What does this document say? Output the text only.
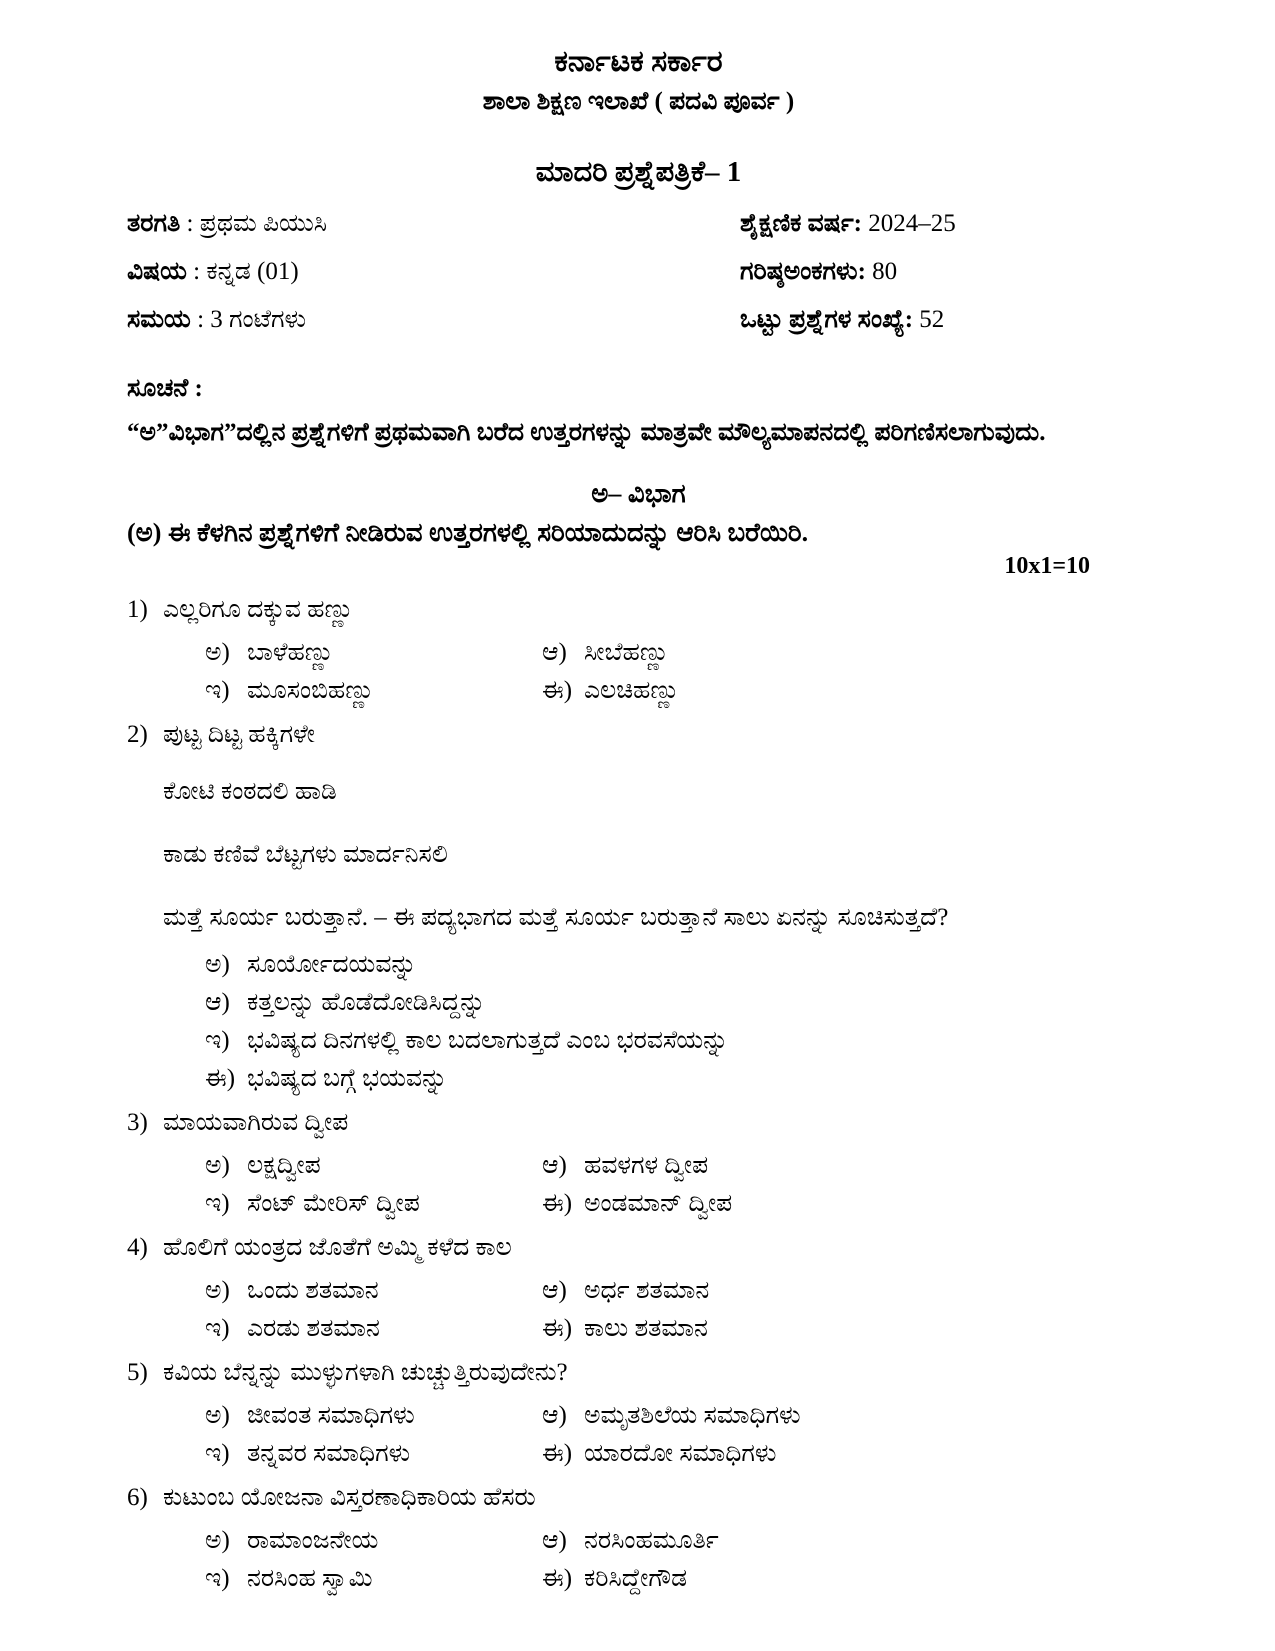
ಕರ್ನಾಟಕ ಸರ್ಕಾರ
ಶಾಲಾ ಶಿಕ್ಷಣ ಇಲಾಖೆ ( ಪದವಿ ಪೂರ್ವ )
ಮಾದರಿ ಪ್ರಶ್ನೆಪತ್ರಿಕೆ– 1
ತರಗತಿ : ಪ್ರಥಮ ಪಿಯುಸಿ	ಶೈಕ್ಷಣಿಕ ವರ್ಷ: 2024–25
ವಿಷಯ : ಕನ್ನಡ (01)	ಗರಿಷ್ಠಅಂಕಗಳು: 80
ಸಮಯ : 3 ಗಂಟೆಗಳು	ಒಟ್ಟು ಪ್ರಶ್ನೆಗಳ ಸಂಖ್ಯೆ: 52
ಸೂಚನೆ :
“ಅ”ವಿಭಾಗ”ದಲ್ಲಿನ ಪ್ರಶ್ನೆಗಳಿಗೆ ಪ್ರಥಮವಾಗಿ ಬರೆದ ಉತ್ತರಗಳನ್ನು ಮಾತ್ರವೇ ಮೌಲ್ಯಮಾಪನದಲ್ಲಿ ಪರಿಗಣಿಸಲಾಗುವುದು.
ಅ– ವಿಭಾಗ
(ಅ) ಈ ಕೆಳಗಿನ ಪ್ರಶ್ನೆಗಳಿಗೆ ನೀಡಿರುವ ಉತ್ತರಗಳಲ್ಲಿ ಸರಿಯಾದುದನ್ನು ಆರಿಸಿ ಬರೆಯಿರಿ.
10x1=10
1) ಎಲ್ಲರಿಗೂ ದಕ್ಕುವ ಹಣ್ಣು
ಅ) ಬಾಳೆಹಣ್ಣು	ಆ) ಸೀಬೆಹಣ್ಣು
ಇ) ಮೂಸಂಬಿಹಣ್ಣು	ಈ) ಎಲಚಿಹಣ್ಣು
2) ಪುಟ್ಟ ದಿಟ್ಟ ಹಕ್ಕಿಗಳೇ
ಕೋಟಿ ಕಂಠದಲಿ ಹಾಡಿ
ಕಾಡು ಕಣಿವೆ ಬೆಟ್ಟಗಳು ಮಾರ್ದನಿಸಲಿ
ಮತ್ತೆ ಸೂರ್ಯ ಬರುತ್ತಾನೆ. – ಈ ಪದ್ಯಭಾಗದ ಮತ್ತೆ ಸೂರ್ಯ ಬರುತ್ತಾನೆ ಸಾಲು ಏನನ್ನು ಸೂಚಿಸುತ್ತದೆ?
ಅ) ಸೂರ್ಯೋದಯವನ್ನು
ಆ) ಕತ್ತಲನ್ನು ಹೊಡೆದೋಡಿಸಿದ್ದನ್ನು
ಇ) ಭವಿಷ್ಯದ ದಿನಗಳಲ್ಲಿ ಕಾಲ ಬದಲಾಗುತ್ತದೆ ಎಂಬ ಭರವಸೆಯನ್ನು
ಈ) ಭವಿಷ್ಯದ ಬಗ್ಗೆ ಭಯವನ್ನು
3) ಮಾಯವಾಗಿರುವ ದ್ವೀಪ
ಅ) ಲಕ್ಷದ್ವೀಪ	ಆ) ಹವಳಗಳ ದ್ವೀಪ
ಇ) ಸೆಂಟ್ ಮೇರಿಸ್ ದ್ವೀಪ	ಈ) ಅಂಡಮಾನ್ ದ್ವೀಪ
4) ಹೊಲಿಗೆ ಯಂತ್ರದ ಜೊತೆಗೆ ಅಮ್ಮಿ ಕಳೆದ ಕಾಲ
ಅ) ಒಂದು ಶತಮಾನ	ಆ) ಅರ್ಧ ಶತಮಾನ
ಇ) ಎರಡು ಶತಮಾನ	ಈ) ಕಾಲು ಶತಮಾನ
5) ಕವಿಯ ಬೆನ್ನನ್ನು ಮುಳ್ಳುಗಳಾಗಿ ಚುಚ್ಚುತ್ತಿರುವುದೇನು?
ಅ) ಜೀವಂತ ಸಮಾಧಿಗಳು	ಆ) ಅಮೃತಶಿಲೆಯ ಸಮಾಧಿಗಳು
ಇ) ತನ್ನವರ ಸಮಾಧಿಗಳು	ಈ) ಯಾರದೋ ಸಮಾಧಿಗಳು
6) ಕುಟುಂಬ ಯೋಜನಾ ವಿಸ್ತರಣಾಧಿಕಾರಿಯ ಹೆಸರು
ಅ) ರಾಮಾಂಜನೇಯ	ಆ) ನರಸಿಂಹಮೂರ್ತಿ
ಇ) ನರಸಿಂಹ ಸ್ವಾಮಿ	ಈ) ಕರಿಸಿದ್ದೇಗೌಡ
